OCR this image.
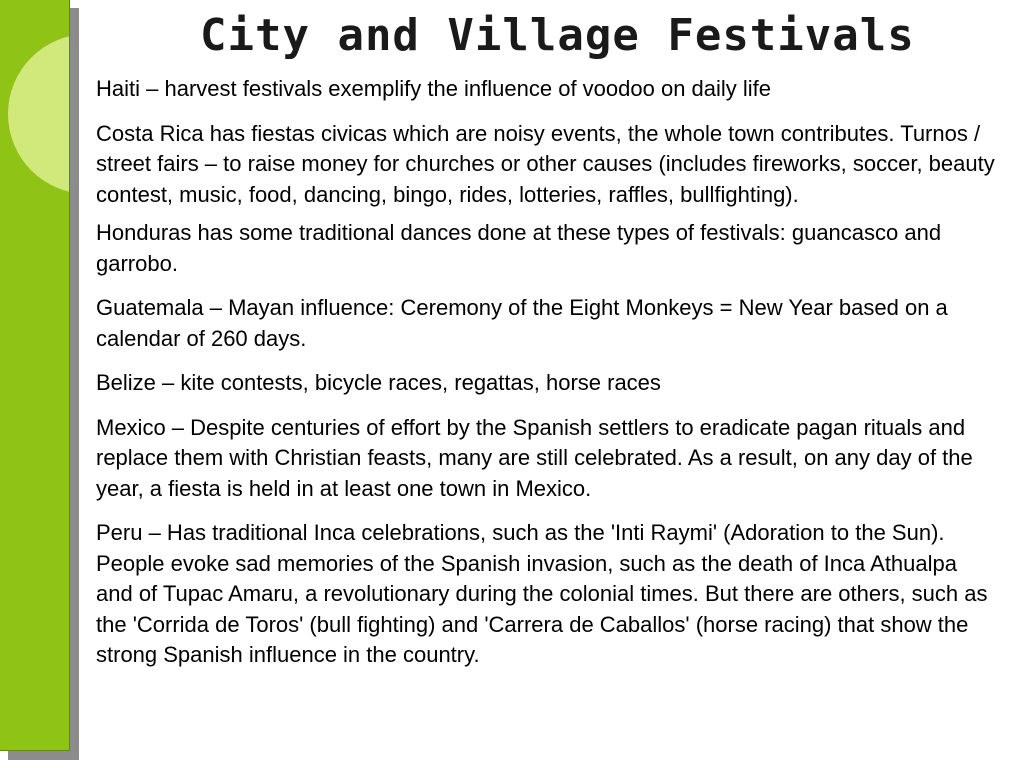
City and Village Festivals

Haiti – harvest festivals exemplify the influence of voodoo on daily life

Costa Rica has fiestas civicas which are noisy events, the whole town contributes. Turnos / street fairs – to raise money for churches or other causes (includes fireworks, soccer, beauty contest, music, food, dancing, bingo, rides, lotteries, raffles, bullfighting).

Honduras has some traditional dances done at these types of festivals: guancasco and garrobo.

Guatemala – Mayan influence: Ceremony of the Eight Monkeys = New Year based on a calendar of 260 days.

Belize – kite contests, bicycle races, regattas, horse races

Mexico – Despite centuries of effort by the Spanish settlers to eradicate pagan rituals and replace them with Christian feasts, many are still celebrated. As a result, on any day of the year, a fiesta is held in at least one town in Mexico.

Peru – Has traditional Inca celebrations, such as the 'Inti Raymi' (Adoration to the Sun). People evoke sad memories of the Spanish invasion, such as the death of Inca Athualpa and of Tupac Amaru, a revolutionary during the colonial times. But there are others, such as the 'Corrida de Toros' (bull fighting) and 'Carrera de Caballos' (horse racing) that show the strong Spanish influence in the country.
